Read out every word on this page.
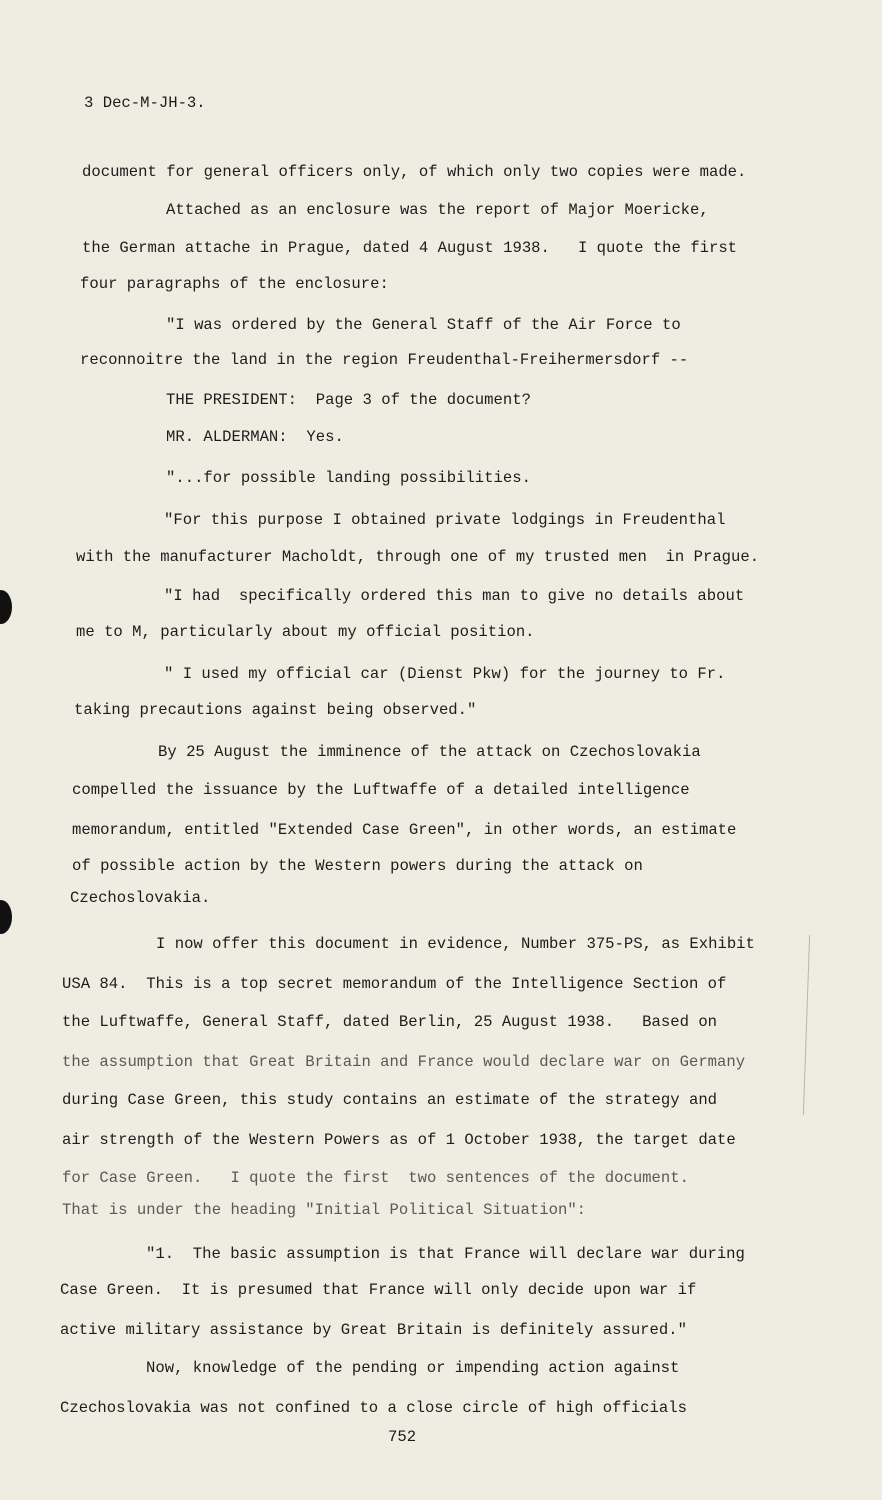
3 Dec-M-JH-3.
document for general officers only, of which only two copies were made.
Attached as an enclosure was the report of Major Moericke,
the German attache in Prague, dated 4 August 1938.   I quote the first
four paragraphs of the enclosure:
"I was ordered by the General Staff of the Air Force to
reconnoitre the land in the region Freudenthal-Freihermersdorf --
THE PRESIDENT:  Page 3 of the document?
MR. ALDERMAN:  Yes.
"...for possible landing possibilities.
"For this purpose I obtained private lodgings in Freudenthal
with the manufacturer Macholdt, through one of my trusted men  in Prague.
"I had  specifically ordered this man to give no details about
me to M, particularly about my official position.
" I used my official car (Dienst Pkw) for the journey to Fr.
taking precautions against being observed."
By 25 August the imminence of the attack on Czechoslovakia
compelled the issuance by the Luftwaffe of a detailed intelligence
memorandum, entitled "Extended Case Green", in other words, an estimate
of possible action by the Western powers during the attack on
Czechoslovakia.
I now offer this document in evidence, Number 375-PS, as Exhibit
USA 84.  This is a top secret memorandum of the Intelligence Section of
the Luftwaffe, General Staff, dated Berlin, 25 August 1938.   Based on
the assumption that Great Britain and France would declare war on Germany
during Case Green, this study contains an estimate of the strategy and
air strength of the Western Powers as of 1 October 1938, the target date
for Case Green.   I quote the first  two sentences of the document.
That is under the heading "Initial Political Situation":
"1.  The basic assumption is that France will declare war during
Case Green.  It is presumed that France will only decide upon war if
active military assistance by Great Britain is definitely assured."
Now, knowledge of the pending or impending action against
Czechoslovakia was not confined to a close circle of high officials
752
